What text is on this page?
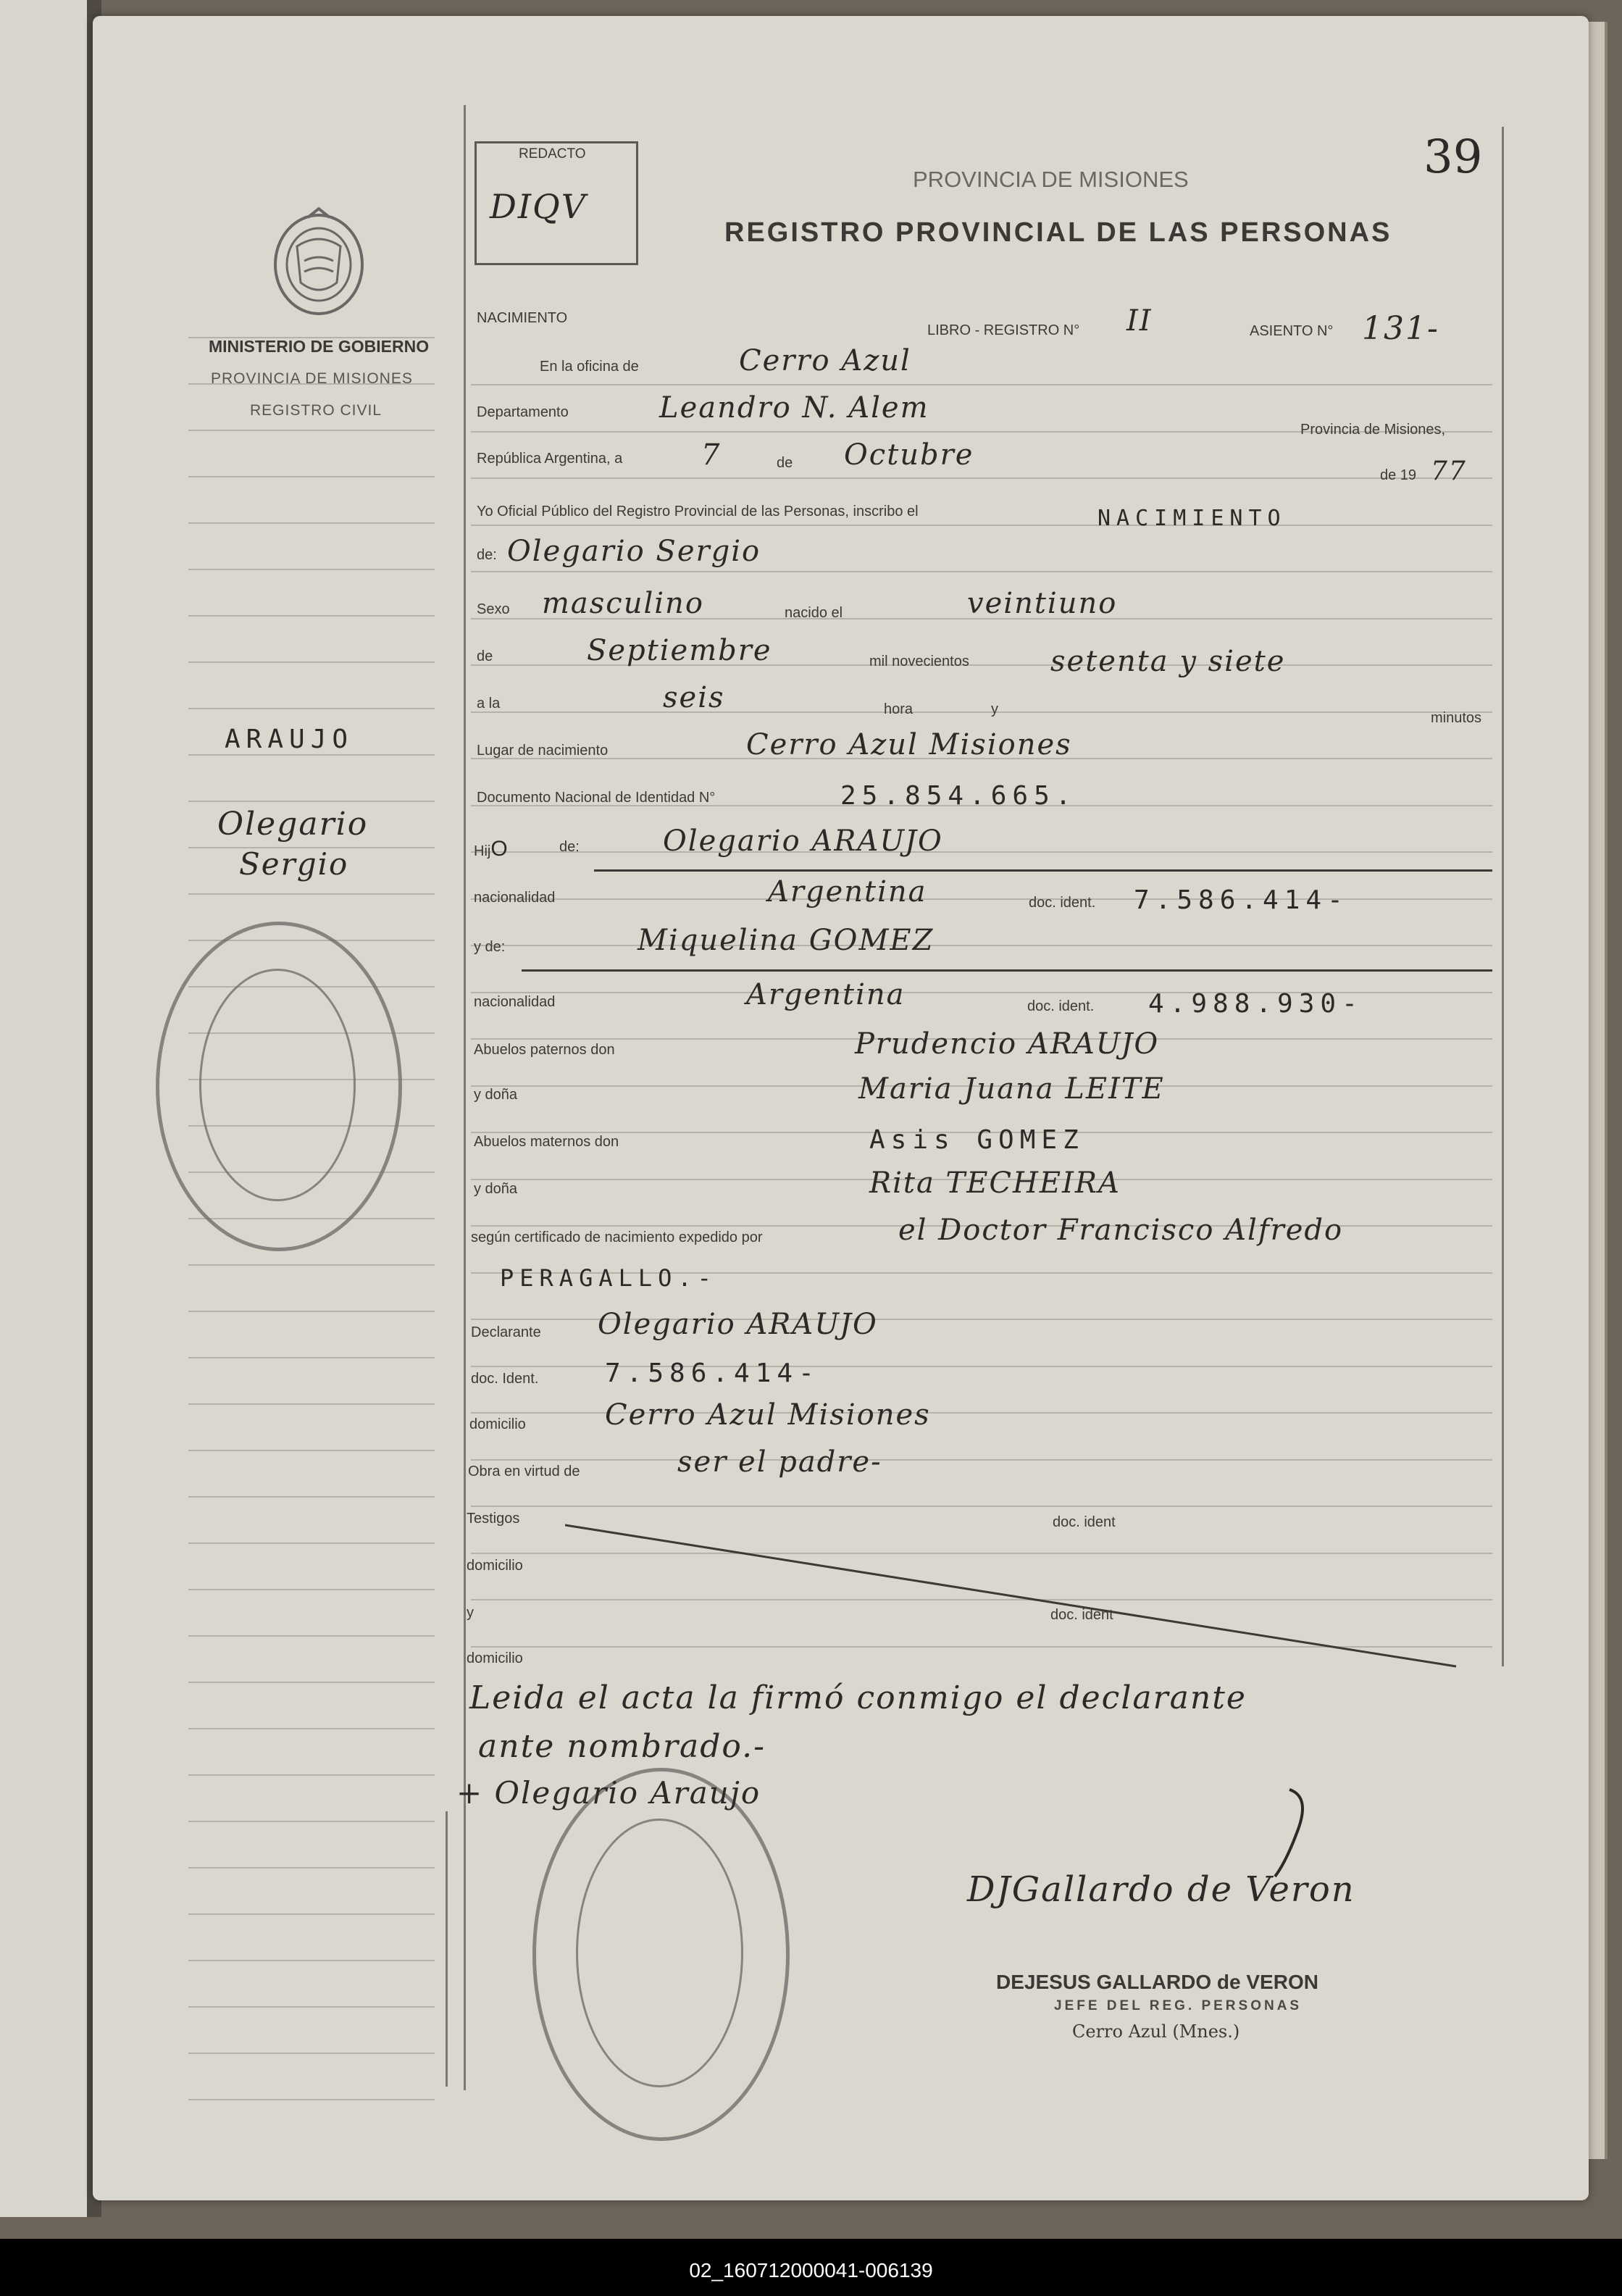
39
REDACTO
DIQV
PROVINCIA DE MISIONES
REGISTRO PROVINCIAL DE LAS PERSONAS
MINISTERIO DE GOBIERNO
PROVINCIA DE MISIONES
REGISTRO CIVIL
ARAUJO
Olegario
Sergio
NACIMIENTO
LIBRO - REGISTRO N° II	ASIENTO N° 131-
En la oficina de	Cerro Azul
Departamento	Leandro N. Alem
Provincia de Misiones,
República Argentina, a	7	de Octubre
de 19 77
Yo Oficial Público del Registro Provincial de las Personas, inscribo el	NACIMIENTO
de: Olegario Sergio
Sexo masculino	nacido el	veintiuno
de	Septiembre	mil novecientos	setenta y siete
a la	seis	hora	y
minutos
Lugar de nacimiento	Cerro Azul Misiones
Documento Nacional de Identidad N°	25.854.665.
HijO	de:	Olegario ARAUJO
nacionalidad	Argentina	doc. ident. 7.586.414-
y de:	Miquelina GOMEZ
nacionalidad	Argentina	doc. ident. 4.988.930-
Abuelos paternos don	Prudencio ARAUJO
y doña	Maria Juana LEITE
Abuelos maternos don	Asis GOMEZ
y doña	Rita TECHEIRA
según certificado de nacimiento expedido por	el Doctor Francisco Alfredo
PERAGALLO.-
Declarante Olegario ARAUJO
doc. Ident.	7.586.414-
domicilio	Cerro Azul Misiones
Obra en virtud de	ser el padre-
Testigos	doc. ident
domicilio
y	doc. ident
domicilio
Leida el acta la firmó conmigo el declarante
ante nombrado.-
+ Olegario Araujo
DJGallardo de Veron
DEJESUS GALLARDO de VERON
JEFE DEL REG. PERSONAS
Cerro Azul (Mnes.)
02_160712000041-006139
